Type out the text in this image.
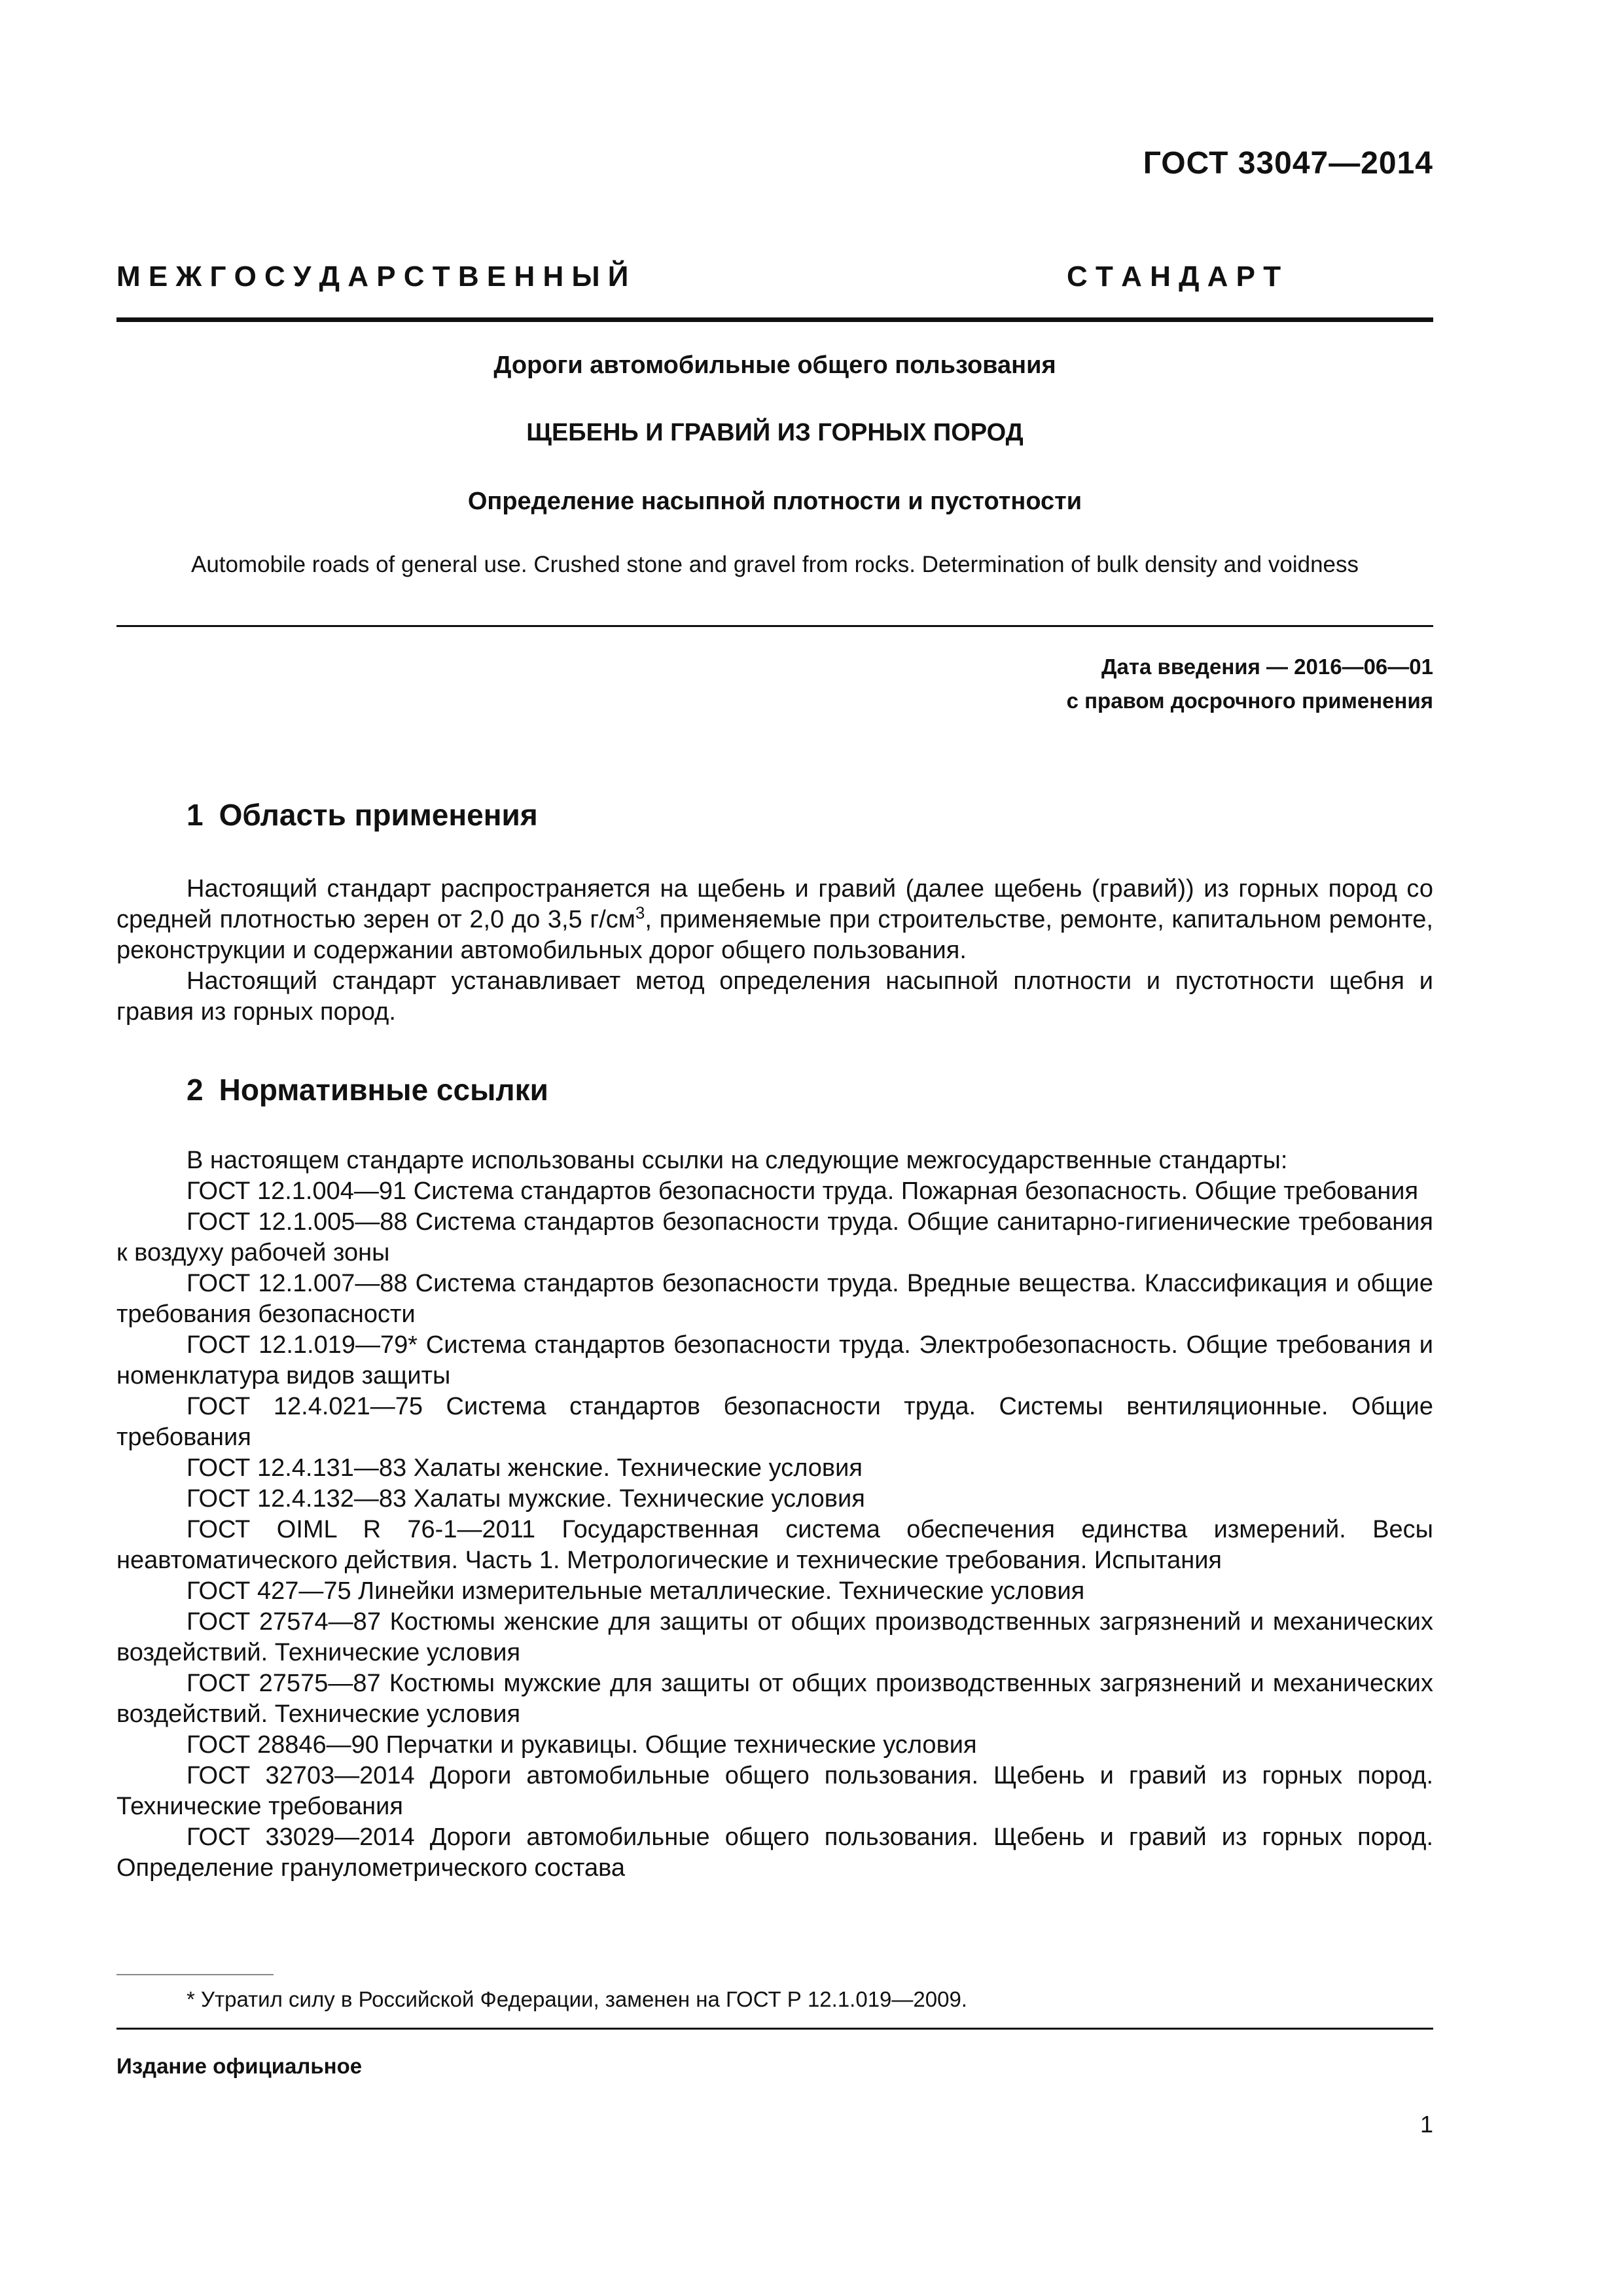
ГОСТ 33047—2014
М Е Ж Г О С У Д А Р С Т В Е Н Н Ы Й	С Т А Н Д А Р Т
Дороги автомобильные общего пользования
ЩЕБЕНЬ И ГРАВИЙ ИЗ ГОРНЫХ ПОРОД
Определение насыпной плотности и пустотности
Automobile roads of general use. Crushed stone and gravel from rocks. Determination of bulk density and voidness
Дата введения — 2016—06—01
с правом досрочного применения
1 Область применения

Настоящий стандарт распространяется на щебень и гравий (далее щебень (гравий)) из горных пород со средней плотностью зерен от 2,0 до 3,5 $г/см^3$, применяемые при строительстве, ремонте, капитальном ремонте, реконструкции и содержании автомобильных дорог общего пользования.

Настоящий стандарт устанавливает метод определения насыпной плотности и пустотности щебня и гравия из горных пород.

2 Нормативные ссылки

В настоящем стандарте использованы ссылки на следующие межгосударственные стандарты:

ГОСТ 12.1.004—91 Система стандартов безопасности труда. Пожарная безопасность. Общие требования

ГОСТ 12.1.005—88 Система стандартов безопасности труда. Общие санитарно-гигиенические требования к воздуху рабочей зоны

ГОСТ 12.1.007—88 Система стандартов безопасности труда. Вредные вещества. Классификация и общие требования безопасности

ГОСТ 12.1.019—79* Система стандартов безопасности труда. Электробезопасность. Общие требования и номенклатура видов защиты

ГОСТ 12.4.021—75 Система стандартов безопасности труда. Системы вентиляционные. Общие требования

ГОСТ 12.4.131—83 Халаты женские. Технические условия

ГОСТ 12.4.132—83 Халаты мужские. Технические условия

ГОСТ OIML R 76-1—2011 Государственная система обеспечения единства измерений. Весы неавтоматического действия. Часть 1. Метрологические и технические требования. Испытания

ГОСТ 427—75 Линейки измерительные металлические. Технические условия

ГОСТ 27574—87 Костюмы женские для защиты от общих производственных загрязнений и механических воздействий. Технические условия

ГОСТ 27575—87 Костюмы мужские для защиты от общих производственных загрязнений и механических воздействий. Технические условия

ГОСТ 28846—90 Перчатки и рукавицы. Общие технические условия

ГОСТ 32703—2014 Дороги автомобильные общего пользования. Щебень и гравий из горных пород. Технические требования

ГОСТ 33029—2014 Дороги автомобильные общего пользования. Щебень и гравий из горных пород. Определение гранулометрического состава

* Утратил силу в Российской Федерации, заменен на ГОСТ Р 12.1.019—2009.
Издание официальное
1
